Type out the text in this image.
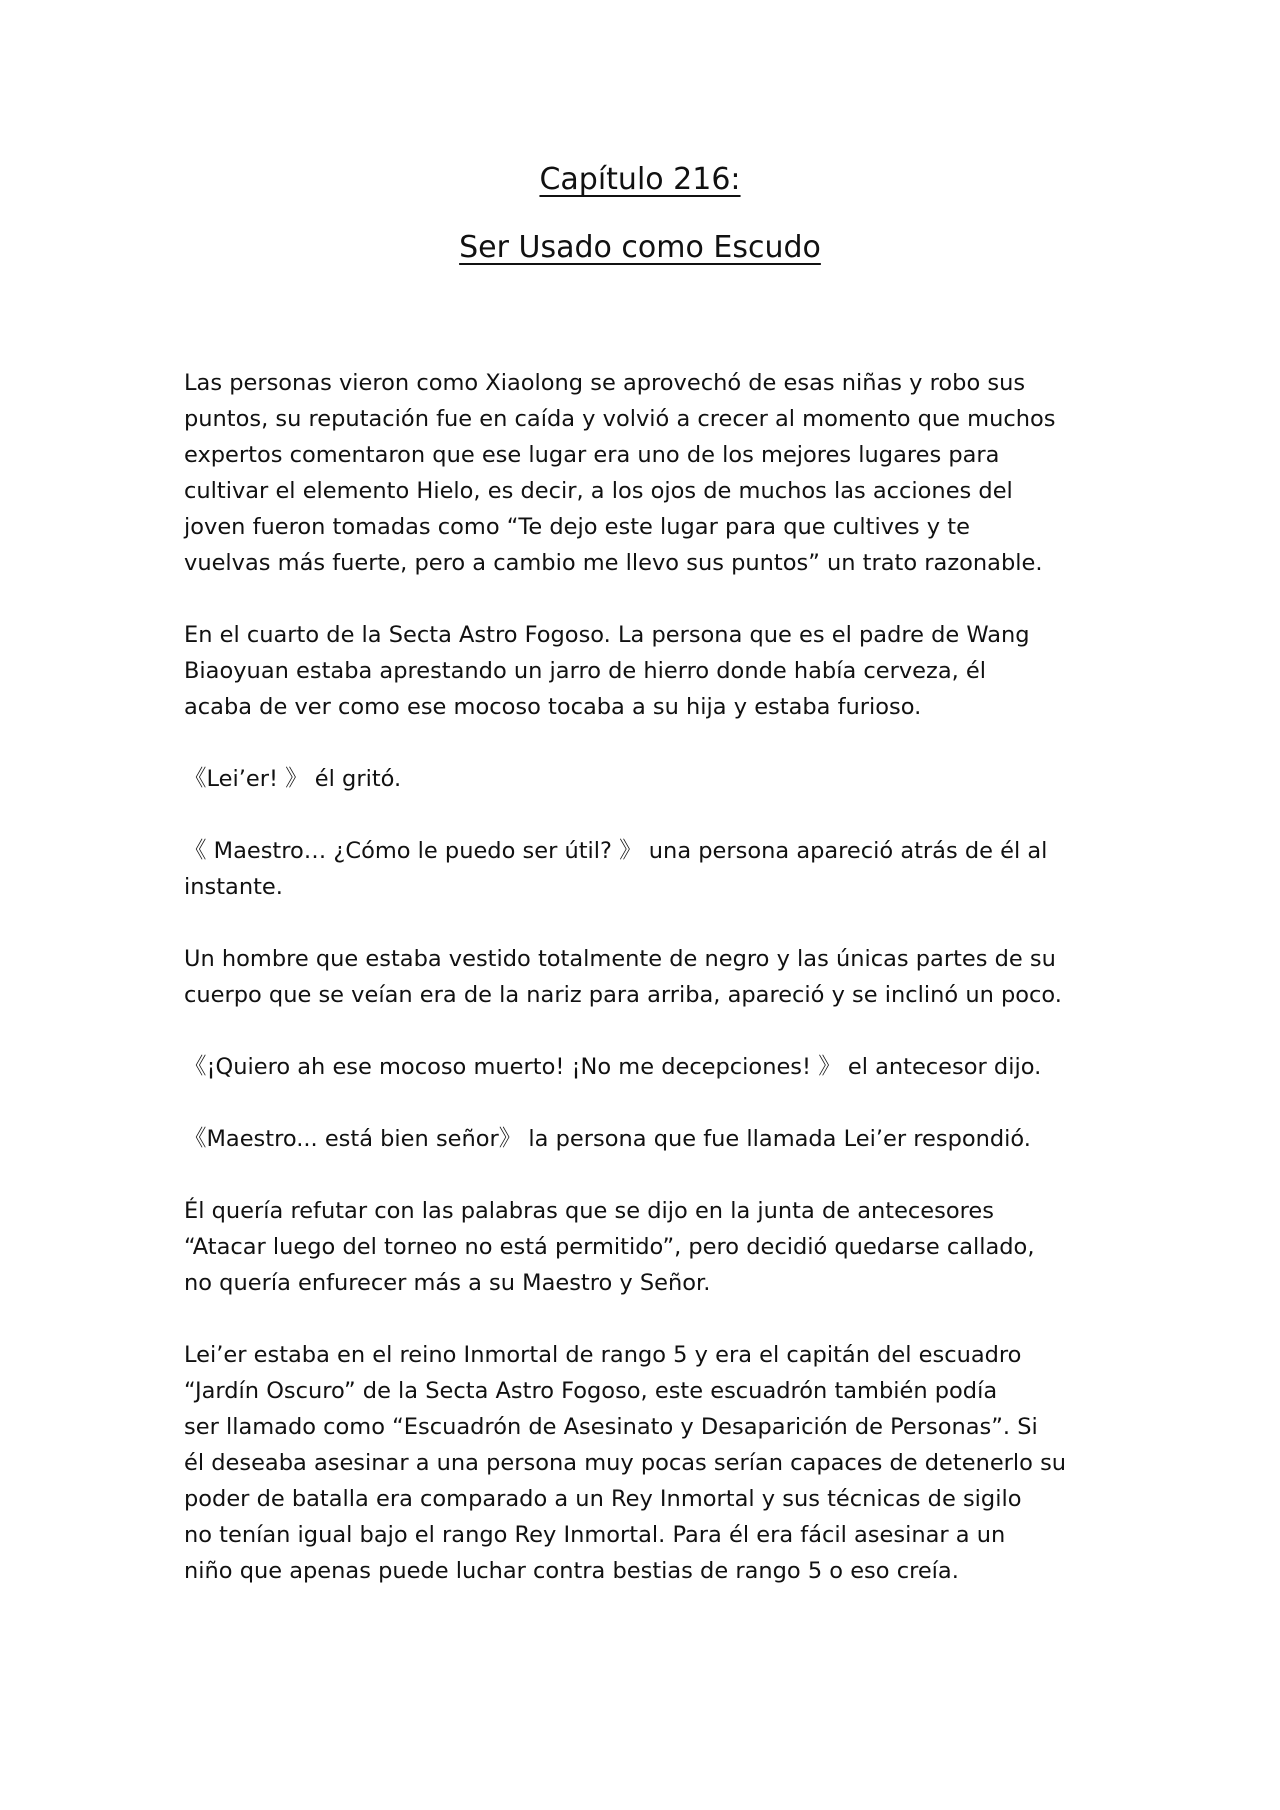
Capítulo 216:
Ser Usado como Escudo
Las personas vieron como Xiaolong se aprovechó de esas niñas y robo sus
puntos, su reputación fue en caída y volvió a crecer al momento que muchos
expertos comentaron que ese lugar era uno de los mejores lugares para
cultivar el elemento Hielo, es decir, a los ojos de muchos las acciones del
joven fueron tomadas como “Te dejo este lugar para que cultives y te
vuelvas más fuerte, pero a cambio me llevo sus puntos” un trato razonable.
En el cuarto de la Secta Astro Fogoso. La persona que es el padre de Wang
Biaoyuan estaba aprestando un jarro de hierro donde había cerveza, él
acaba de ver como ese mocoso tocaba a su hija y estaba furioso.
《Lei’er! 》 él gritó.
《 Maestro… ¿Cómo le puedo ser útil? 》 una persona apareció atrás de él al
instante.
Un hombre que estaba vestido totalmente de negro y las únicas partes de su
cuerpo que se veían era de la nariz para arriba, apareció y se inclinó un poco.
《¡Quiero ah ese mocoso muerto! ¡No me decepciones! 》 el antecesor dijo.
《Maestro... está bien señor》 la persona que fue llamada Lei’er respondió.
Él quería refutar con las palabras que se dijo en la junta de antecesores
“Atacar luego del torneo no está permitido”, pero decidió quedarse callado,
no quería enfurecer más a su Maestro y Señor.
Lei’er estaba en el reino Inmortal de rango 5 y era el capitán del escuadro
“Jardín Oscuro” de la Secta Astro Fogoso, este escuadrón también podía
ser llamado como “Escuadrón de Asesinato y Desaparición de Personas”. Si
él deseaba asesinar a una persona muy pocas serían capaces de detenerlo su
poder de batalla era comparado a un Rey Inmortal y sus técnicas de sigilo
no tenían igual bajo el rango Rey Inmortal. Para él era fácil asesinar a un
niño que apenas puede luchar contra bestias de rango 5 o eso creía.
